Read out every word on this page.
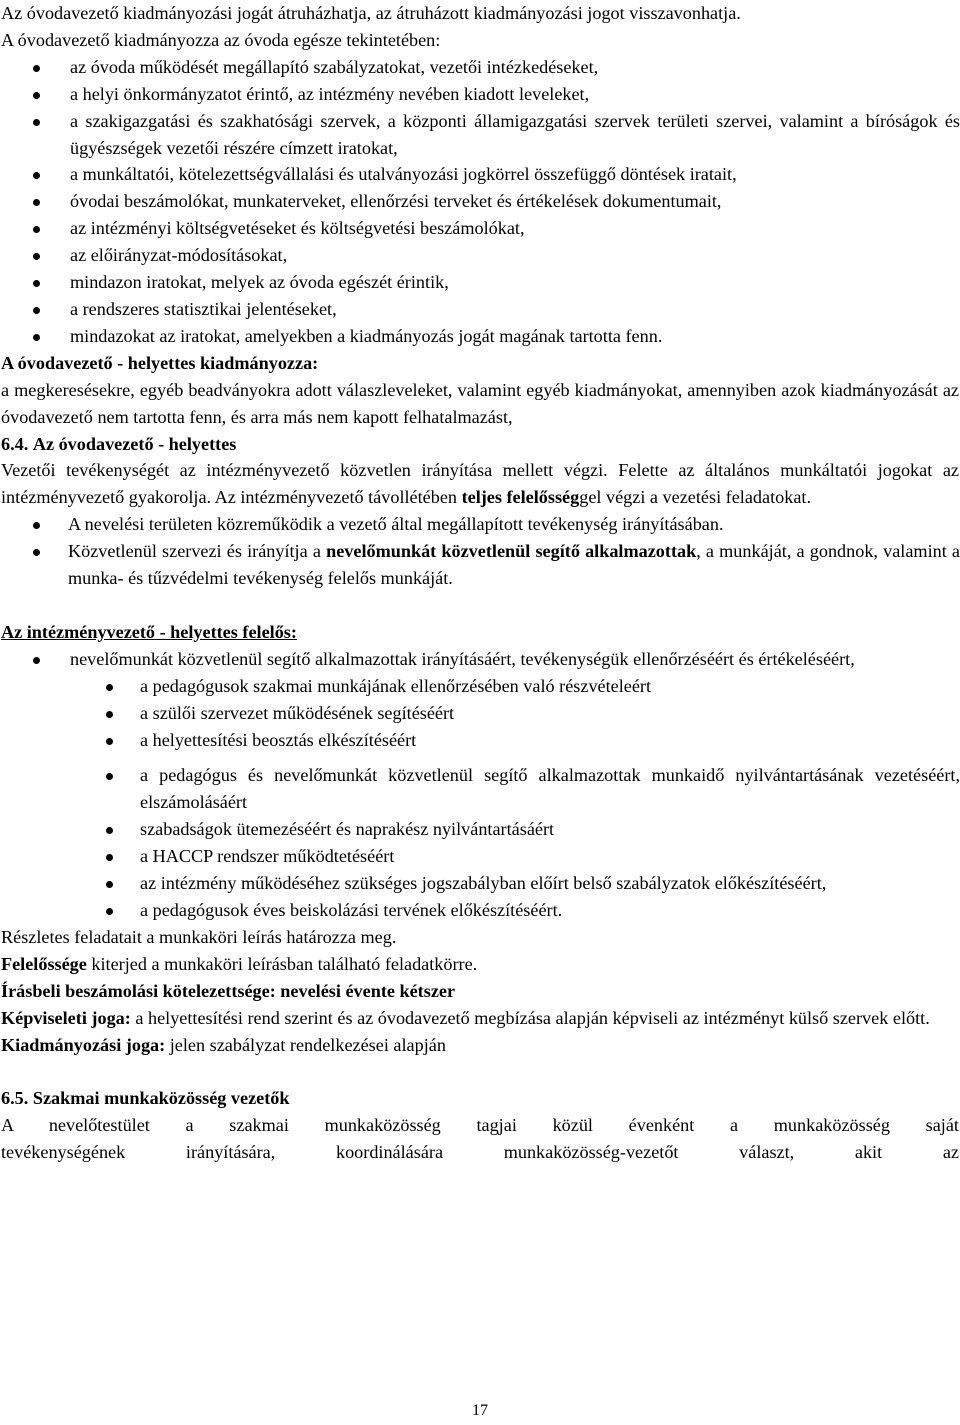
Az óvodavezető kiadmányozási jogát átruházhatja, az átruházott kiadmányozási jogot visszavonhatja.

A óvodavezető kiadmányozza az óvoda egésze tekintetében:

az óvoda működését megállapító szabályzatokat, vezetői intézkedéseket,
a helyi önkormányzatot érintő, az intézmény nevében kiadott leveleket,
a szakigazgatási és szakhatósági szervek, a központi államigazgatási szervek területi szervei, valamint a bíróságok és ügyészségek vezetői részére címzett iratokat,
a munkáltatói, kötelezettségvállalási és utalványozási jogkörrel összefüggő döntések iratait,
óvodai beszámolókat, munkaterveket, ellenőrzési terveket és értékelések dokumentumait,
az intézményi költségvetéseket és költségvetési beszámolókat,
az előirányzat-módosításokat,
mindazon iratokat, melyek az óvoda egészét érintik,
a rendszeres statisztikai jelentéseket,
mindazokat az iratokat, amelyekben a kiadmányozás jogát magának tartotta fenn.

A óvodavezető - helyettes kiadmányozza:

a megkeresésekre, egyéb beadványokra adott válaszleveleket, valamint egyéb kiadmányokat, amennyiben azok kiadmányozását az óvodavezető nem tartotta fenn, és arra más nem kapott felhatalmazást,

6.4. Az óvodavezető - helyettes

Vezetői tevékenységét az intézményvezető közvetlen irányítása mellett végzi. Felette az általános munkáltatói jogokat az intézményvezető gyakorolja. Az intézményvezető távollétében teljes felelősséggel végzi a vezetési feladatokat.

A nevelési területen közreműködik a vezető által megállapított tevékenység irányításában.
Közvetlenül szervezi és irányítja a nevelőmunkát közvetlenül segítő alkalmazottak, a munkáját, a gondnok, valamint a munka- és tűzvédelmi tevékenység felelős munkáját.

Az intézményvezető - helyettes felelős:

nevelőmunkát közvetlenül segítő alkalmazottak irányításáért, tevékenységük ellenőrzéséért és értékeléséért,
a pedagógusok szakmai munkájának ellenőrzésében való részvételeért
a szülői szervezet működésének segítéséért
a helyettesítési beosztás elkészítéséért
a pedagógus és nevelőmunkát közvetlenül segítő alkalmazottak munkaidő nyilvántartásának vezetéséért, elszámolásáért
szabadságok ütemezéséért és naprakész nyilvántartásáért
a HACCP rendszer működtetéséért
az intézmény működéséhez szükséges jogszabályban előírt belső szabályzatok előkészítéséért,
a pedagógusok éves beiskolázási tervének előkészítéséért.

Részletes feladatait a munkaköri leírás határozza meg.

Felelőssége kiterjed a munkaköri leírásban található feladatkörre.

Írásbeli beszámolási kötelezettsége: nevelési évente kétszer

Képviseleti joga: a helyettesítési rend szerint és az óvodavezető megbízása alapján képviseli az intézményt külső szervek előtt.

Kiadmányozási joga: jelen szabályzat rendelkezései alapján

6.5. Szakmai munkaközösség vezetők

A nevelőtestület a szakmai munkaközösség tagjai közül évenként a munkaközösség saját

tevékenységének irányítására, koordinálására munkaközösség-vezetőt választ, akit az

17
